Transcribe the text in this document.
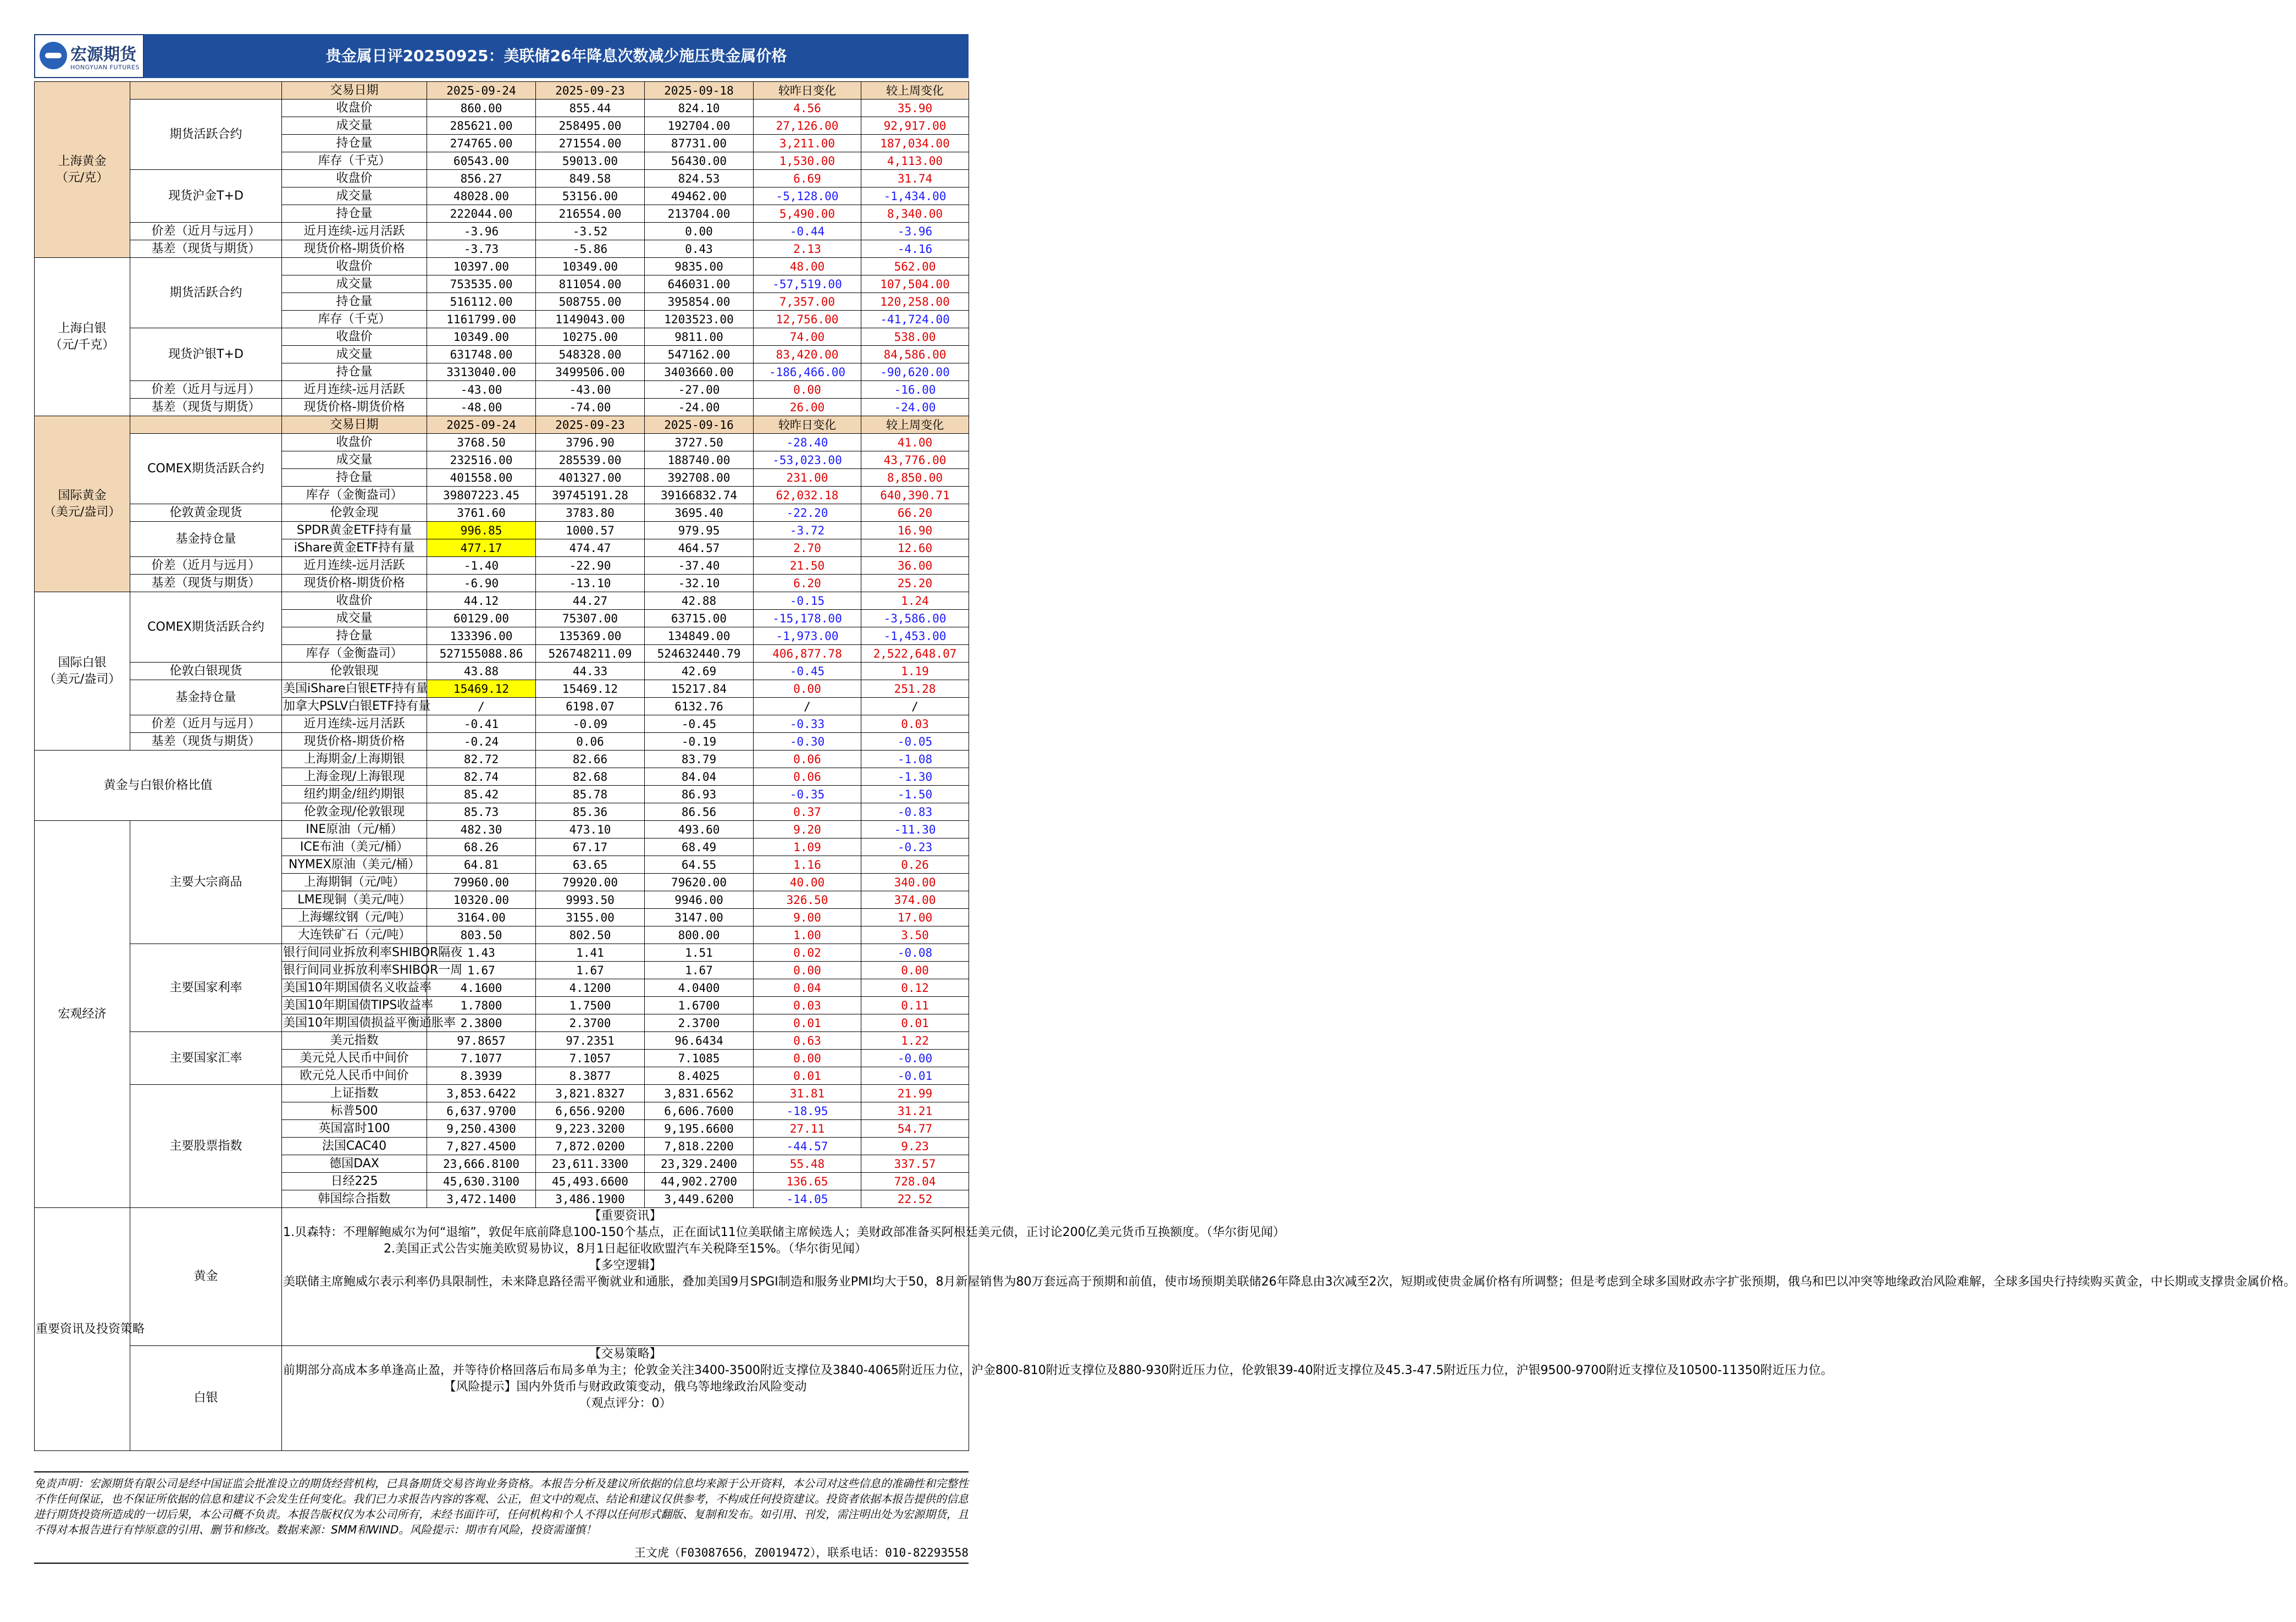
宏源期货
HONGYUAN FUTURES
贵金属日评20250925：美联储26年降息次数减少施压贵金属价格
上海黄金
（元/克）		交易日期	2025-09-24	2025-09-23	2025-09-18	较昨日变化	较上周变化
	期货活跃合约	收盘价	860.00	855.44	824.10	4.56	35.90
		成交量	285621.00	258495.00	192704.00	27,126.00	92,917.00
		持仓量	274765.00	271554.00	87731.00	3,211.00	187,034.00
		库存（千克）	60543.00	59013.00	56430.00	1,530.00	4,113.00
	现货沪金T+D	收盘价	856.27	849.58	824.53	6.69	31.74
		成交量	48028.00	53156.00	49462.00	-5,128.00	-1,434.00
		持仓量	222044.00	216554.00	213704.00	5,490.00	8,340.00
	价差（近月与远月）	近月连续-远月活跃	-3.96	-3.52	0.00	-0.44	-3.96
	基差（现货与期货）	现货价格-期货价格	-3.73	-5.86	0.43	2.13	-4.16

上海白银
（元/千克）	期货活跃合约	收盘价	10397.00	10349.00	9835.00	48.00	562.00
		成交量	753535.00	811054.00	646031.00	-57,519.00	107,504.00
		持仓量	516112.00	508755.00	395854.00	7,357.00	120,258.00
		库存（千克）	1161799.00	1149043.00	1203523.00	12,756.00	-41,724.00
	现货沪银T+D	收盘价	10349.00	10275.00	9811.00	74.00	538.00
		成交量	631748.00	548328.00	547162.00	83,420.00	84,586.00
		持仓量	3313040.00	3499506.00	3403660.00	-186,466.00	-90,620.00
	价差（近月与远月）	近月连续-远月活跃	-43.00	-43.00	-27.00	0.00	-16.00
	基差（现货与期货）	现货价格-期货价格	-48.00	-74.00	-24.00	26.00	-24.00

国际黄金
（美元/盎司）		交易日期	2025-09-24	2025-09-23	2025-09-16	较昨日变化	较上周变化
	COMEX期货活跃合约	收盘价	3768.50	3796.90	3727.50	-28.40	41.00
		成交量	232516.00	285539.00	188740.00	-53,023.00	43,776.00
		持仓量	401558.00	401327.00	392708.00	231.00	8,850.00
		库存（金衡盎司）	39807223.45	39745191.28	39166832.74	62,032.18	640,390.71
	伦敦黄金现货	伦敦金现	3761.60	3783.80	3695.40	-22.20	66.20
	基金持仓量	SPDR黄金ETF持有量	996.85	1000.57	979.95	-3.72	16.90
		iShare黄金ETF持有量	477.17	474.47	464.57	2.70	12.60
	价差（近月与远月）	近月连续-远月活跃	-1.40	-22.90	-37.40	21.50	36.00
	基差（现货与期货）	现货价格-期货价格	-6.90	-13.10	-32.10	6.20	25.20

国际白银
（美元/盎司）	COMEX期货活跃合约	收盘价	44.12	44.27	42.88	-0.15	1.24
		成交量	60129.00	75307.00	63715.00	-15,178.00	-3,586.00
		持仓量	133396.00	135369.00	134849.00	-1,973.00	-1,453.00
		库存（金衡盎司）	527155088.86	526748211.09	524632440.79	406,877.78	2,522,648.07
	伦敦白银现货	伦敦银现	43.88	44.33	42.69	-0.45	1.19
	基金持仓量	美国iShare白银ETF持有量	15469.12	15469.12	15217.84	0.00	251.28
		加拿大PSLV白银ETF持有量	/	6198.07	6132.76	/	/
	价差（近月与远月）	近月连续-远月活跃	-0.41	-0.09	-0.45	-0.33	0.03
	基差（现货与期货）	现货价格-期货价格	-0.24	0.06	-0.19	-0.30	-0.05
黄金与白银价格比值		上海期金/上海期银	82.72	82.66	83.79	0.06	-1.08
		上海金现/上海银现	82.74	82.68	84.04	0.06	-1.30
		纽约期金/纽约期银	85.42	85.78	86.93	-0.35	-1.50
		伦敦金现/伦敦银现	85.73	85.36	86.56	0.37	-0.83
宏观经济	主要大宗商品	INE原油（元/桶）	482.30	473.10	493.60	9.20	-11.30
		ICE布油（美元/桶）	68.26	67.17	68.49	1.09	-0.23
		NYMEX原油（美元/桶）	64.81	63.65	64.55	1.16	0.26
		上海期铜（元/吨）	79960.00	79920.00	79620.00	40.00	340.00
		LME现铜（美元/吨）	10320.00	9993.50	9946.00	326.50	374.00
		上海螺纹钢（元/吨）	3164.00	3155.00	3147.00	9.00	17.00
		大连铁矿石（元/吨）	803.50	802.50	800.00	1.00	3.50
	主要国家利率	银行间同业拆放利率SHIBOR隔夜	1.43	1.41	1.51	0.02	-0.08
		银行间同业拆放利率SHIBOR一周	1.67	1.67	1.67	0.00	0.00
		美国10年期国债名义收益率	4.1600	4.1200	4.0400	0.04	0.12
		美国10年期国债TIPS收益率	1.7800	1.7500	1.6700	0.03	0.11
		美国10年期国债损益平衡通胀率	2.3800	2.3700	2.3700	0.01	0.01
	主要国家汇率	美元指数	97.8657	97.2351	96.6434	0.63	1.22
		美元兑人民币中间价	7.1077	7.1057	7.1085	0.00	-0.00
		欧元兑人民币中间价	8.3939	8.3877	8.4025	0.01	-0.01
	主要股票指数	上证指数	3,853.6422	3,821.8327	3,831.6562	31.81	21.99
		标普500	6,637.9700	6,656.9200	6,606.7600	-18.95	31.21
		英国富时100	9,250.4300	9,223.3200	9,195.6600	27.11	54.77
		法国CAC40	7,827.4500	7,872.0200	7,818.2200	-44.57	9.23
		德国DAX	23,666.8100	23,611.3300	23,329.2400	55.48	337.57
		日经225	45,630.3100	45,493.6600	44,902.2700	136.65	728.04
		韩国综合指数	3,472.1400	3,486.1900	3,449.6200	-14.05	22.52
重要资讯及投资策略	黄金	【重要资讯】
1.贝森特：不理解鲍威尔为何“退缩”，敦促年底前降息100-150个基点，正在面试11位美联储主席候选人；美财政部准备买阿根廷美元债，正讨论200亿美元货币互换额度。（华尔街见闻）
2.美国正式公告实施美欧贸易协议，8月1日起征收欧盟汽车关税降至15%。（华尔街见闻）
【多空逻辑】
美联储主席鲍威尔表示利率仍具限制性，未来降息路径需平衡就业和通胀，叠加美国9月SPGI制造和服务业PMI均大于50，8月新屋销售为80万套远高于预期和前值，使市场预期美联储26年降息由3次减至2次，短期或使贵金属价格有所调整；但是考虑到全球多国财政赤字扩张预期，俄乌和巴以冲突等地缘政治风险难解，全球多国央行持续购买黄金，中长期或支撑贵金属价格。					

	白银	【交易策略】
前期部分高成本多单逢高止盈，并等待价格回落后布局多单为主；伦敦金关注3400-3500附近支撑位及3840-4065附近压力位，沪金800-810附近支撑位及880-930附近压力位，伦敦银39-40附近支撑位及45.3-47.5附近压力位，沪银9500-9700附近支撑位及10500-11350附近压力位。
【风险提示】国内外货币与财政政策变动，俄乌等地缘政治风险变动
（观点评分：0）					
免责声明：宏源期货有限公司是经中国证监会批准设立的期货经营机构，已具备期货交易咨询业务资格。本报告分析及建议所依据的信息均来源于公开资料，本公司对这些信息的准确性和完整性不作任何保证，也不保证所依据的信息和建议不会发生任何变化。我们已力求报告内容的客观、公正，但文中的观点、结论和建议仅供参考，不构成任何投资建议。投资者依据本报告提供的信息进行期货投资所造成的一切后果，本公司概不负责。本报告版权仅为本公司所有，未经书面许可，任何机构和个人不得以任何形式翻版、复制和发布。如引用、刊发，需注明出处为宏源期货，且不得对本报告进行有悖原意的引用、删节和修改。数据来源：SMM和WIND。风险提示：期市有风险，投资需谨慎！
王文虎（F03087656，Z0019472），联系电话：010-82293558
